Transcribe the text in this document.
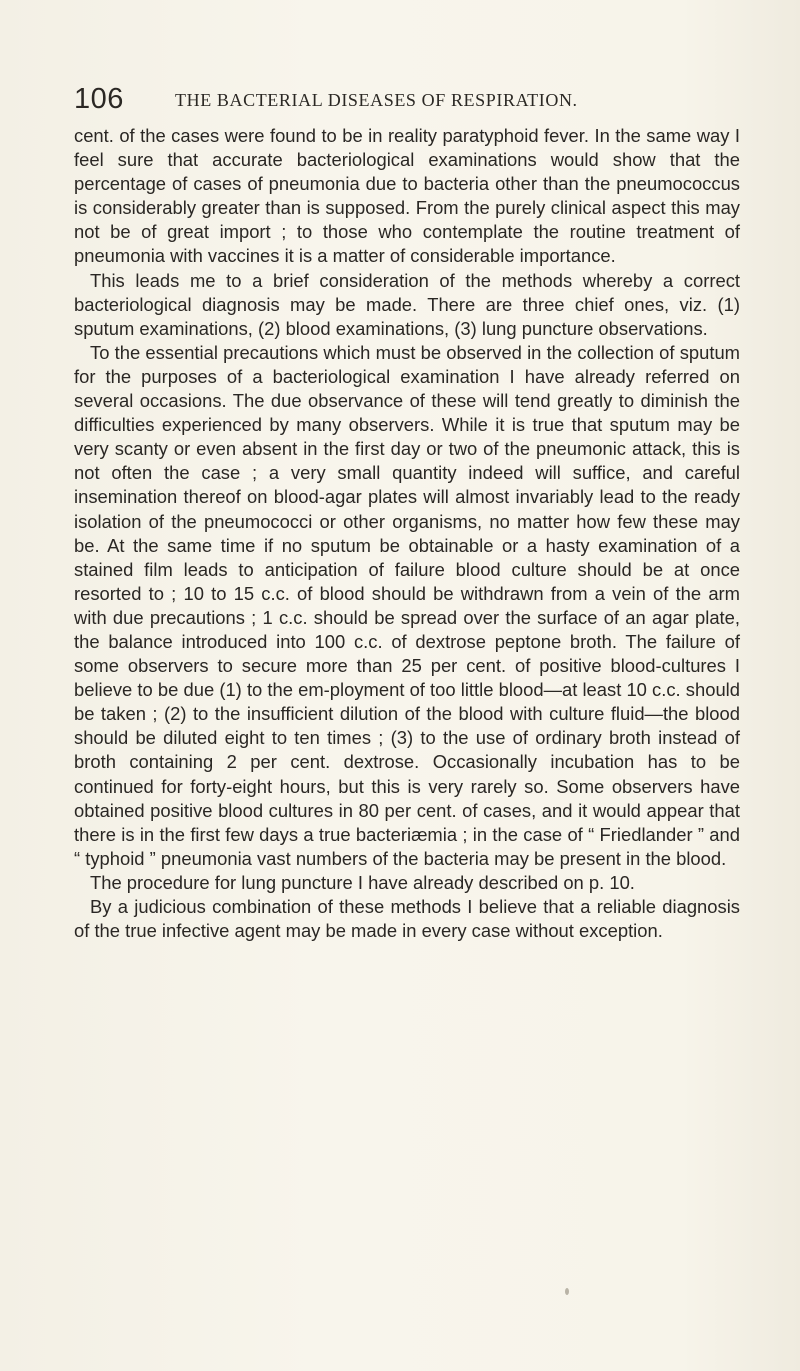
106	THE BACTERIAL DISEASES OF RESPIRATION.

cent. of the cases were found to be in reality paratyphoid fever. In the same way I feel sure that accurate bacteriological examinations would show that the percentage of cases of pneumonia due to bacteria other than the pneumococcus is considerably greater than is supposed. From the purely clinical aspect this may not be of great import ; to those who contemplate the routine treatment of pneumonia with vaccines it is a matter of considerable importance.

This leads me to a brief consideration of the methods whereby a correct bacteriological diagnosis may be made. There are three chief ones, viz. (1) sputum examinations, (2) blood examinations, (3) lung puncture observations.

To the essential precautions which must be observed in the collection of sputum for the purposes of a bacteriological examination I have already referred on several occasions. The due observance of these will tend greatly to diminish the difficulties experienced by many observers. While it is true that sputum may be very scanty or even absent in the first day or two of the pneumonic attack, this is not often the case ; a very small quantity indeed will suffice, and careful insemination thereof on blood-agar plates will almost invariably lead to the ready isolation of the pneumococci or other organisms, no matter how few these may be. At the same time if no sputum be obtainable or a hasty examination of a stained film leads to anticipation of failure blood culture should be at once resorted to ; 10 to 15 c.c. of blood should be withdrawn from a vein of the arm with due precautions ; 1 c.c. should be spread over the surface of an agar plate, the balance introduced into 100 c.c. of dextrose peptone broth. The failure of some observers to secure more than 25 per cent. of positive blood-cultures I believe to be due (1) to the em-ployment of too little blood—at least 10 c.c. should be taken ; (2) to the insufficient dilution of the blood with culture fluid—the blood should be diluted eight to ten times ; (3) to the use of ordinary broth instead of broth containing 2 per cent. dextrose. Occasionally incubation has to be continued for forty-eight hours, but this is very rarely so. Some observers have obtained positive blood cultures in 80 per cent. of cases, and it would appear that there is in the first few days a true bacteriæmia ; in the case of “ Friedlander ” and “ typhoid ” pneumonia vast numbers of the bacteria may be present in the blood.

The procedure for lung puncture I have already described on p. 10.

By a judicious combination of these methods I believe that a reliable diagnosis of the true infective agent may be made in every case without exception.
